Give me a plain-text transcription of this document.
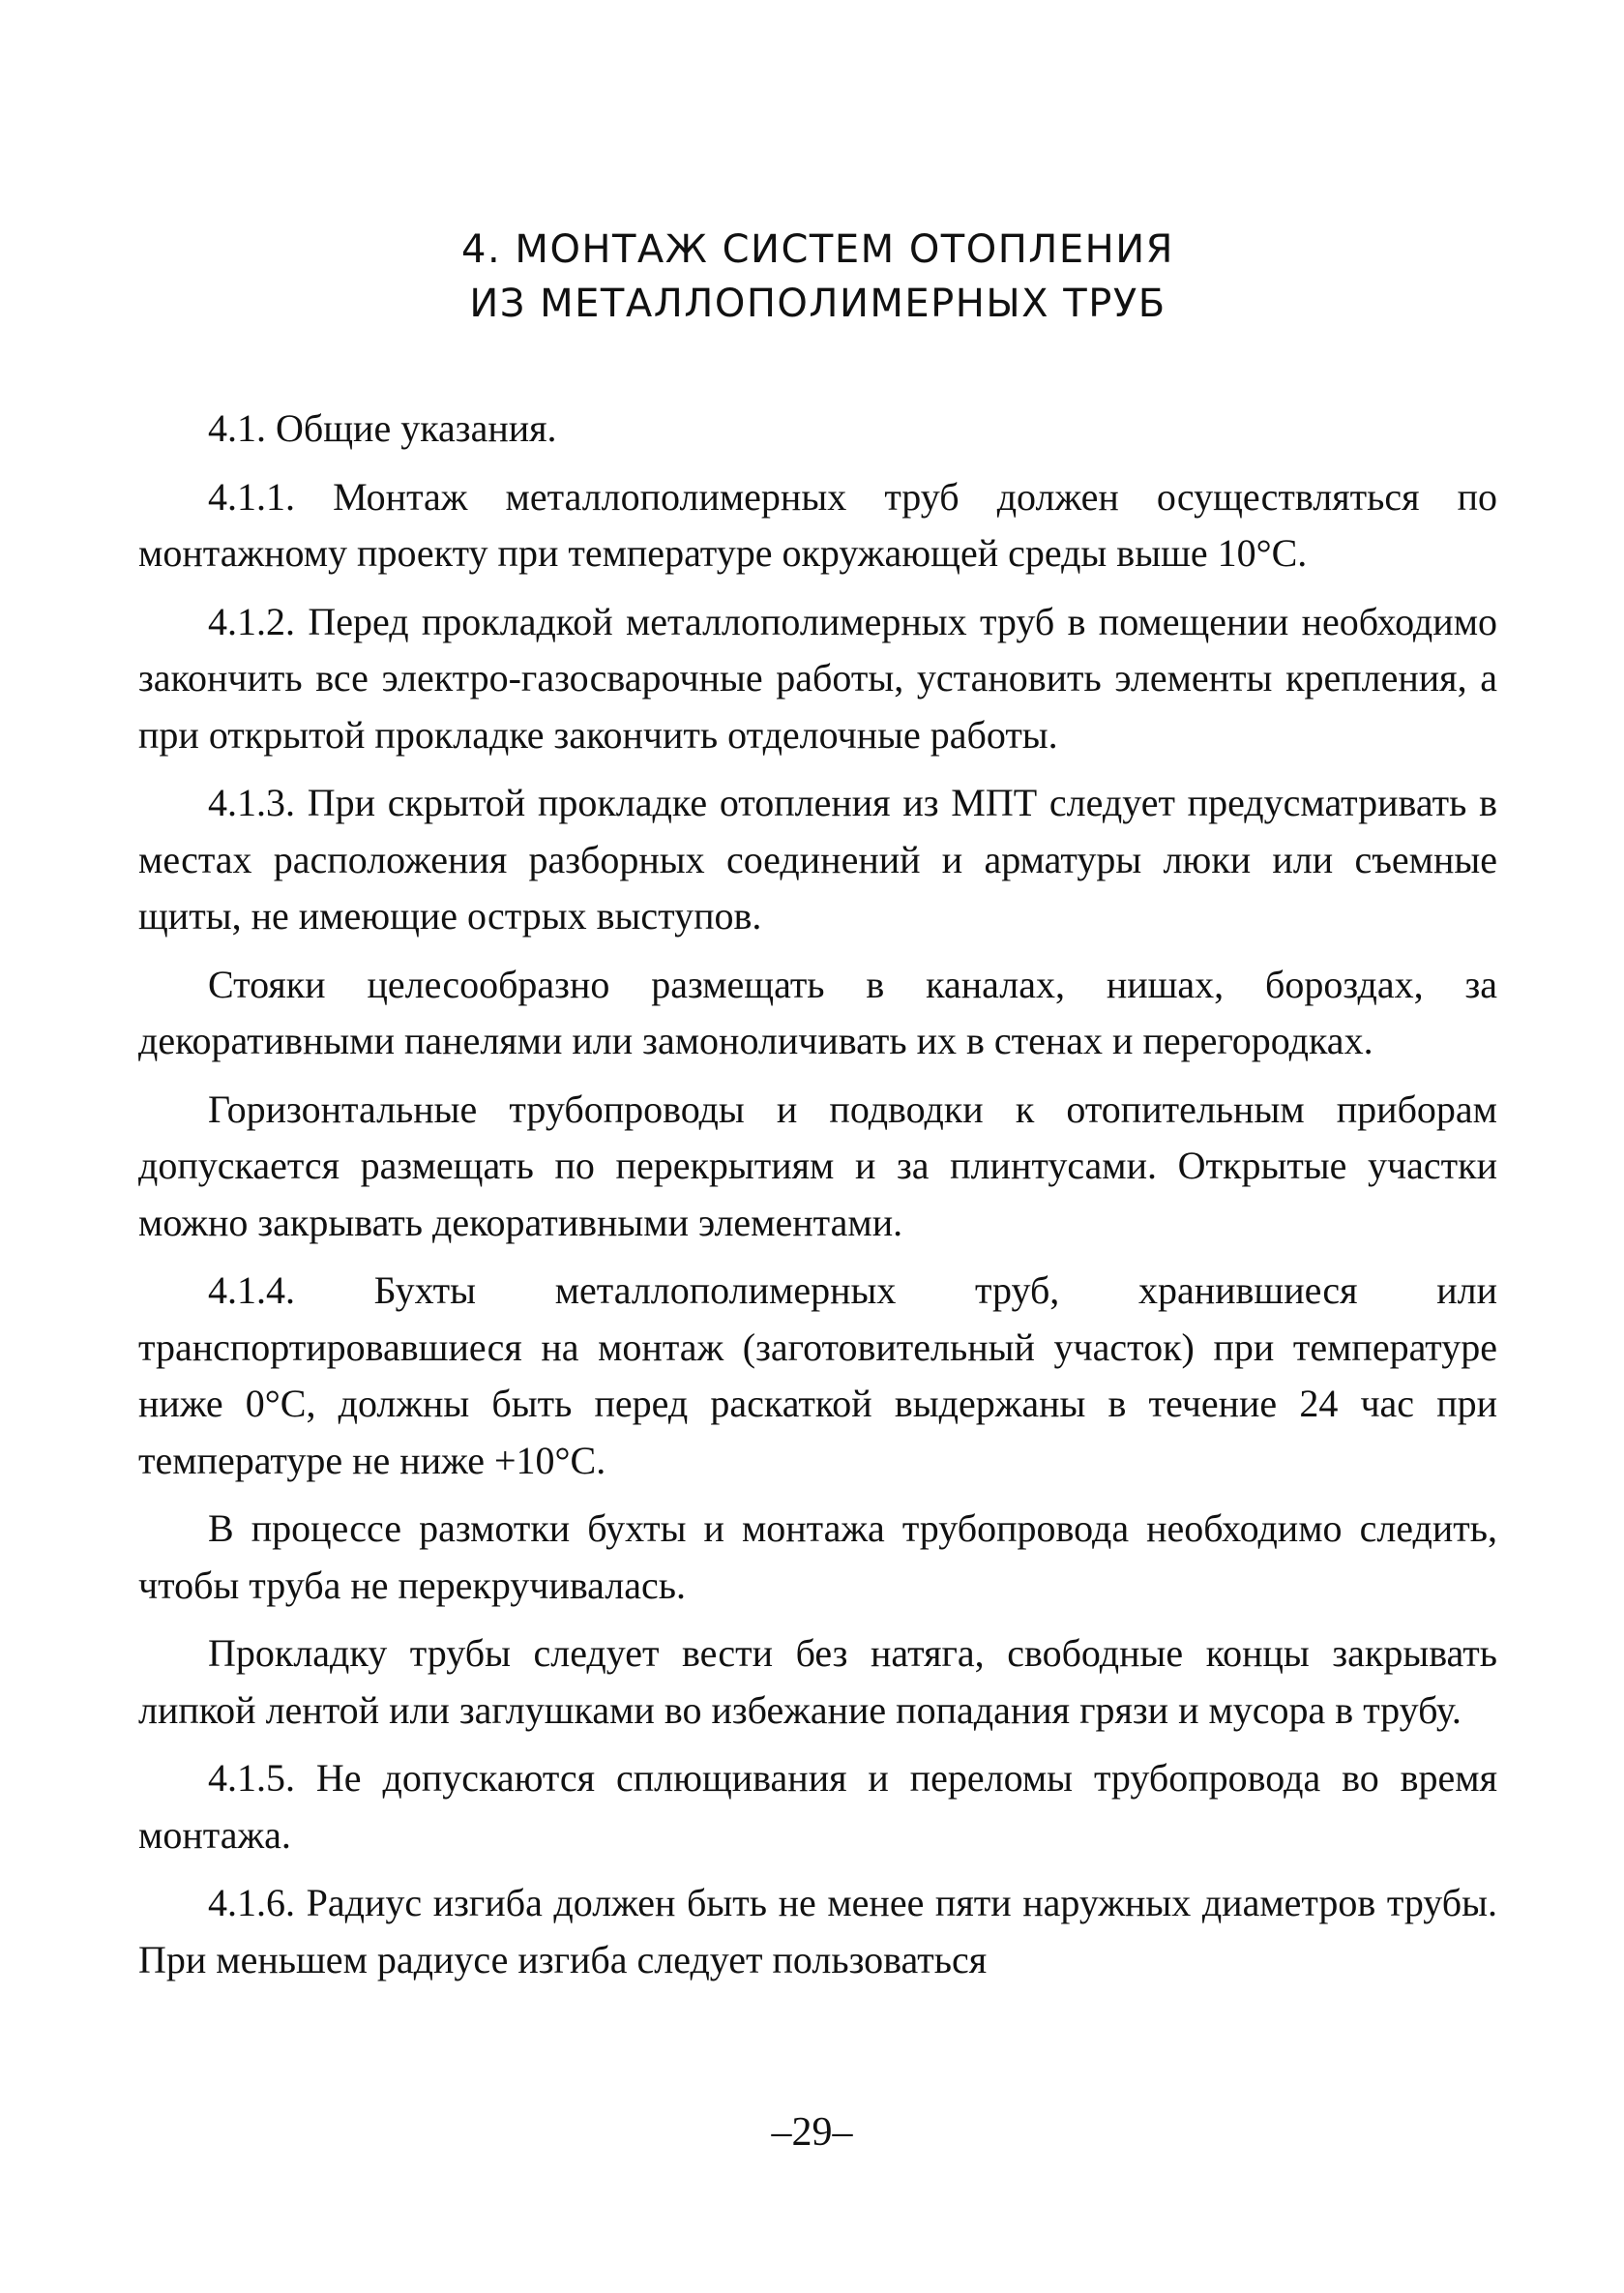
4. МОНТАЖ СИСТЕМ ОТОПЛЕНИЯ
ИЗ МЕТАЛЛОПОЛИМЕРНЫХ ТРУБ

4.1. Общие указания.

4.1.1. Монтаж металлополимерных труб должен осуществляться по монтажному проекту при температуре окружающей среды выше 10°С.

4.1.2. Перед прокладкой металлополимерных труб в помещении необходимо закончить все электро-газосварочные работы, установить элементы крепления, а при открытой прокладке закончить отделочные работы.

4.1.3. При скрытой прокладке отопления из МПТ следует предусматривать в местах расположения разборных соединений и арматуры люки или съемные щиты, не имеющие острых выступов.

Стояки целесообразно размещать в каналах, нишах, бороздах, за декоративными панелями или замоноличивать их в стенах и перегородках.

Горизонтальные трубопроводы и подводки к отопительным приборам допускается размещать по перекрытиям и за плинтусами. Открытые участки можно закрывать декоративными элементами.

4.1.4. Бухты металлополимерных труб, хранившиеся или транспортировавшиеся на монтаж (заготовительный участок) при температуре ниже 0°С, должны быть перед раскаткой выдержаны в течение 24 час при температуре не ниже +10°С.

В процессе размотки бухты и монтажа трубопровода необходимо следить, чтобы труба не перекручивалась.

Прокладку трубы следует вести без натяга, свободные концы закрывать липкой лентой или заглушками во избежание попадания грязи и мусора в трубу.

4.1.5. Не допускаются сплющивания и переломы трубопровода во время монтажа.

4.1.6. Радиус изгиба должен быть не менее пяти наружных диаметров трубы. При меньшем радиусе изгиба следует пользоваться

–29–
